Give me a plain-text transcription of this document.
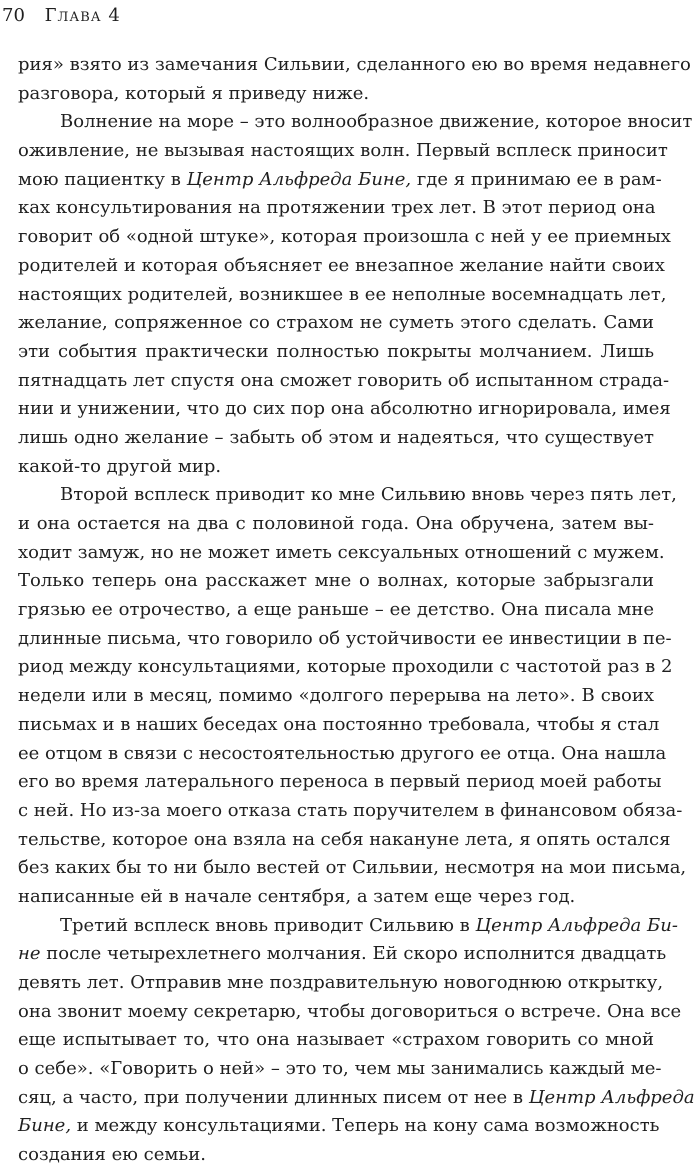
70 Глава 4
рия» взято из замечания Сильвии, сделанного ею во время недавнего
разговора, который я приведу ниже.
Волнение на море – это волнообразное движение, которое вносит
оживление, не вызывая настоящих волн. Первый всплеск приносит
мою пациентку в Центр Альфреда Бине, где я принимаю ее в рам-
ках консультирования на протяжении трех лет. В этот период она
говорит об «одной штуке», которая произошла с ней у ее приемных
родителей и которая объясняет ее внезапное желание найти своих
настоящих родителей, возникшее в ее неполные восемнадцать лет,
желание, сопряженное со страхом не суметь этого сделать. Сами
эти события практически полностью покрыты молчанием. Лишь
пятнадцать лет спустя она сможет говорить об испытанном страда-
нии и унижении, что до сих пор она абсолютно игнорировала, имея
лишь одно желание – забыть об этом и надеяться, что существует
какой-то другой мир.
Второй всплеск приводит ко мне Сильвию вновь через пять лет,
и она остается на два с половиной года. Она обручена, затем вы-
ходит замуж, но не может иметь сексуальных отношений с мужем.
Только теперь она расскажет мне о волнах, которые забрызгали
грязью ее отрочество, а еще раньше – ее детство. Она писала мне
длинные письма, что говорило об устойчивости ее инвестиции в пе-
риод между консультациями, которые проходили с частотой раз в 2
недели или в месяц, помимо «долгого перерыва на лето». В своих
письмах и в наших беседах она постоянно требовала, чтобы я стал
ее отцом в связи с несостоятельностью другого ее отца. Она нашла
его во время латерального переноса в первый период моей работы
с ней. Но из-за моего отказа стать поручителем в финансовом обяза-
тельстве, которое она взяла на себя накануне лета, я опять остался
без каких бы то ни было вестей от Сильвии, несмотря на мои письма,
написанные ей в начале сентября, а затем еще через год.
Третий всплеск вновь приводит Сильвию в Центр Альфреда Би-
не после четырехлетнего молчания. Ей скоро исполнится двадцать
девять лет. Отправив мне поздравительную новогоднюю открытку,
она звонит моему секретарю, чтобы договориться о встрече. Она все
еще испытывает то, что она называет «страхом говорить со мной
о себе». «Говорить о ней» – это то, чем мы занимались каждый ме-
сяц, а часто, при получении длинных писем от нее в Центр Альфреда
Бине, и между консультациями. Теперь на кону сама возможность
создания ею семьи.
